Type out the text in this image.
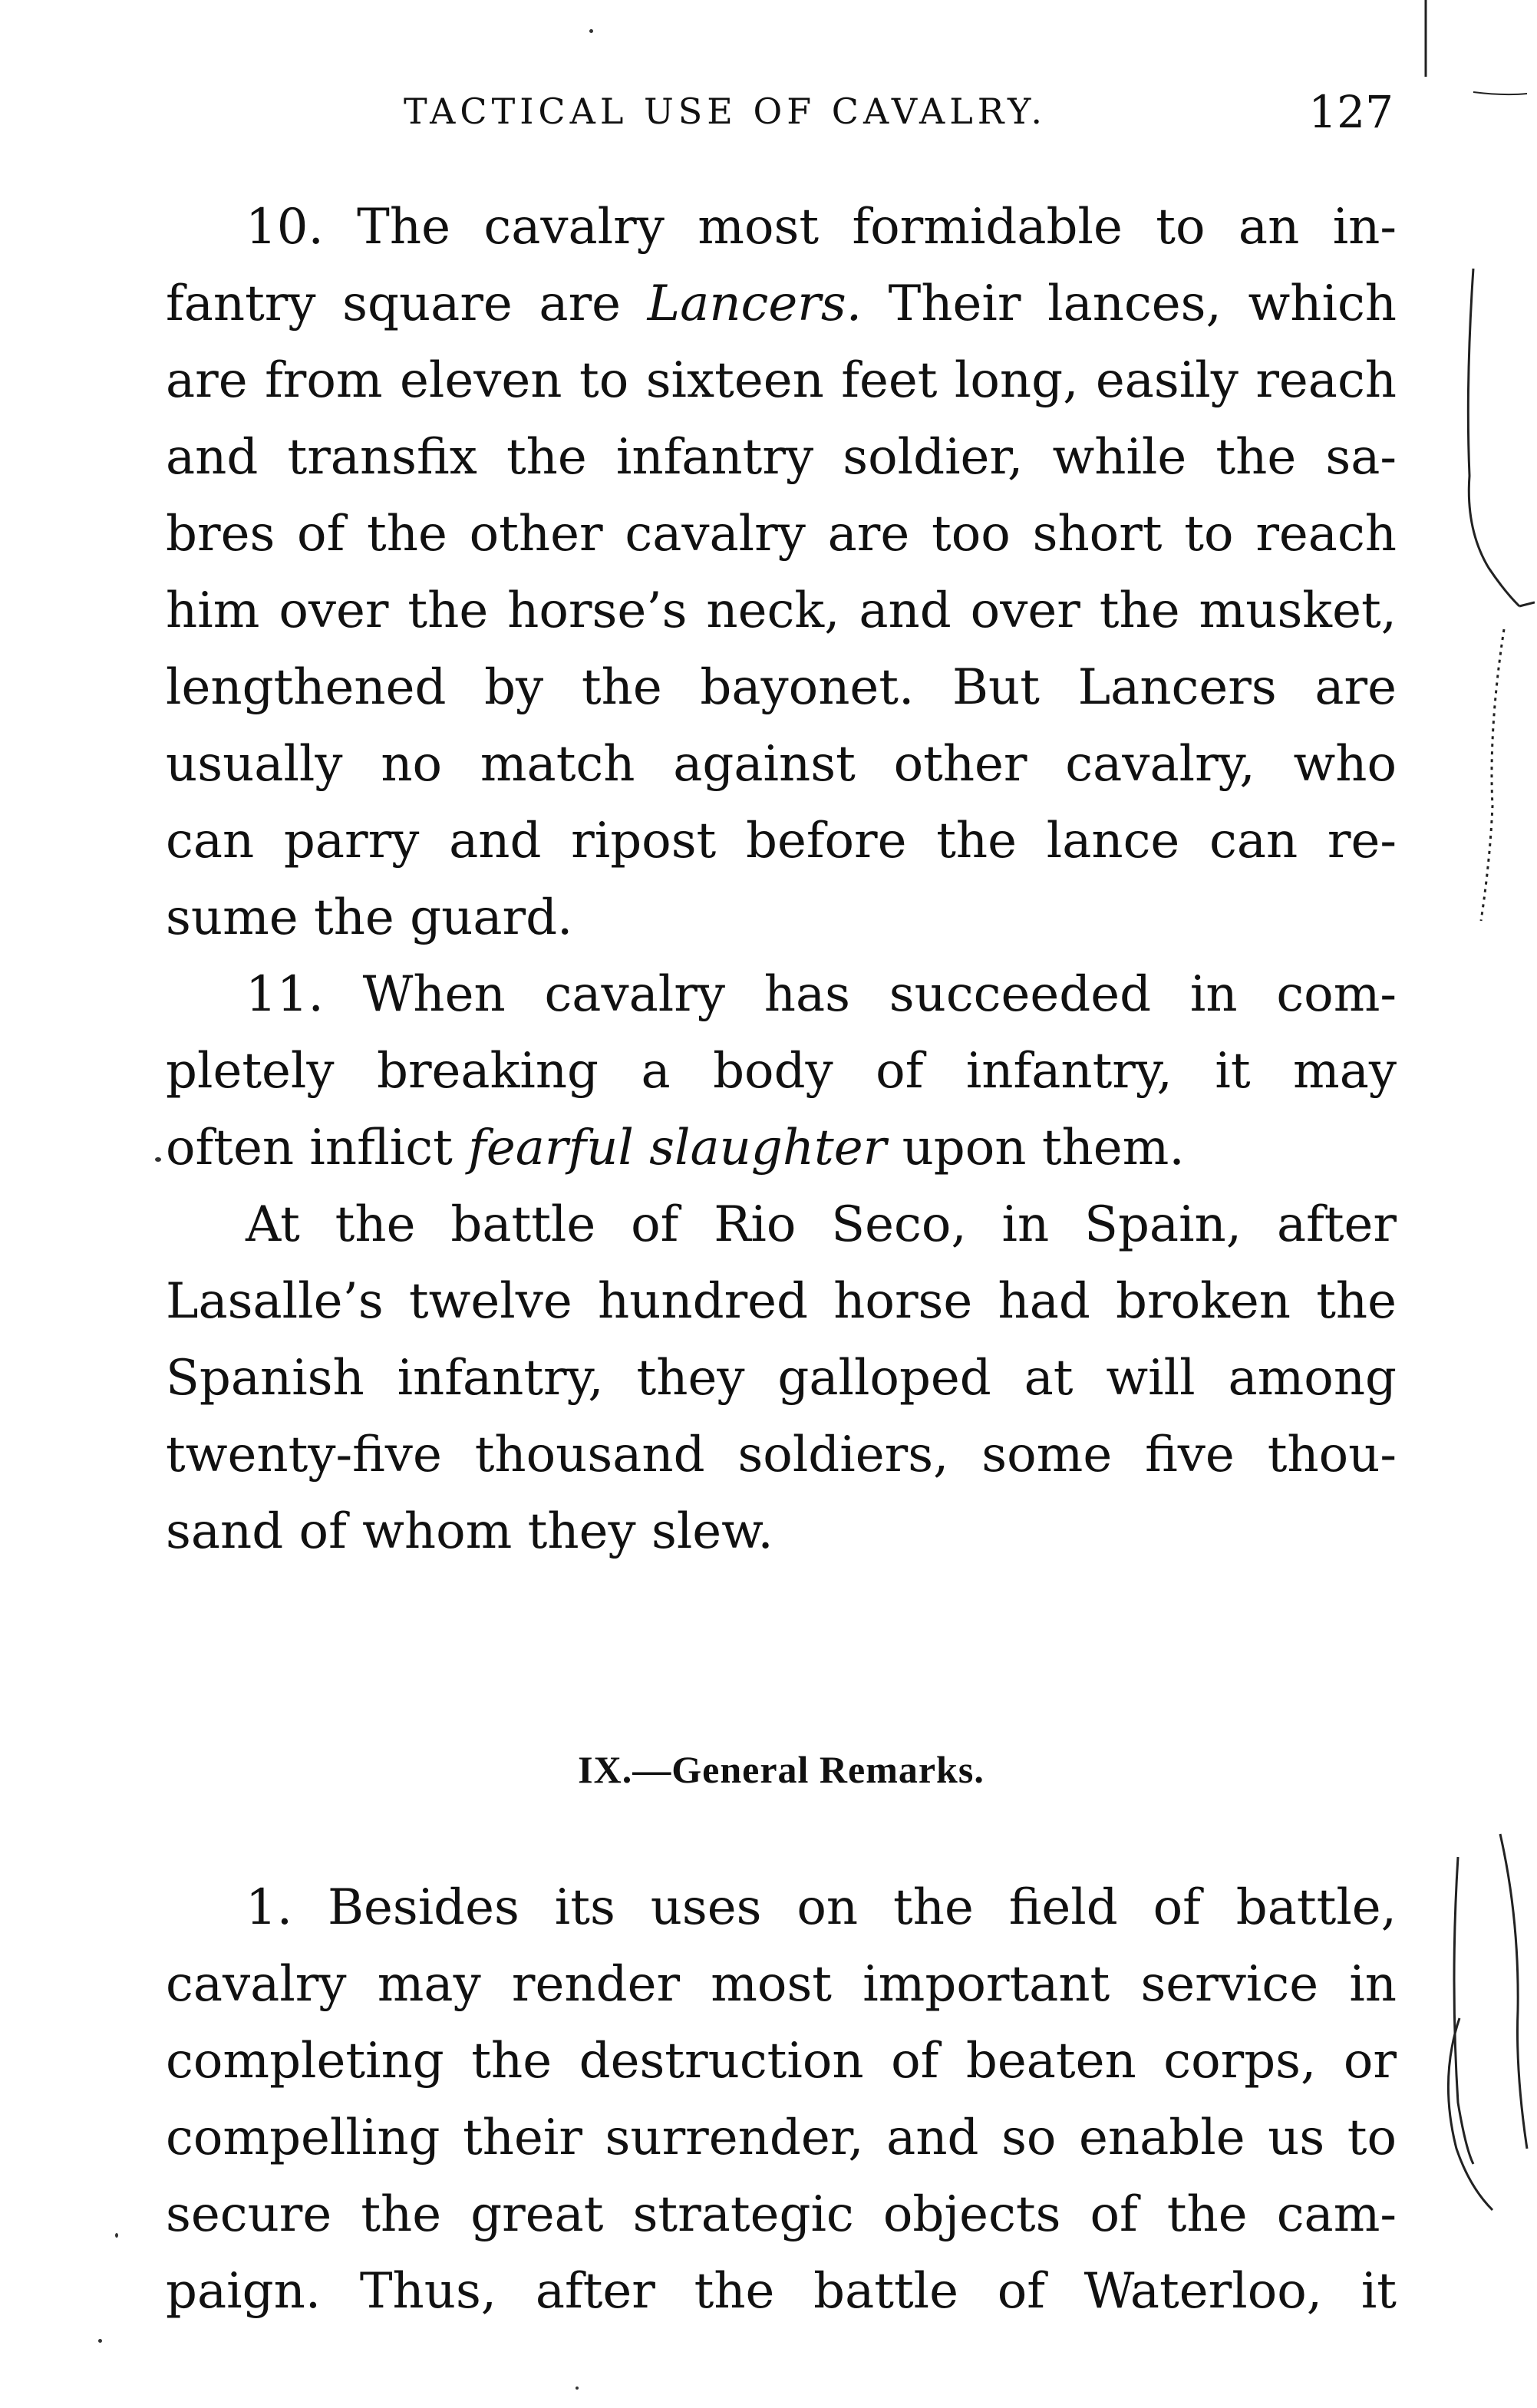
TACTICAL USE OF CAVALRY.	127
10. The cavalry most formidable to an in-
fantry square are Lancers. Their lances, which
are from eleven to sixteen feet long, easily reach
and transfix the infantry soldier, while the sa-
bres of the other cavalry are too short to reach
him over the horse’s neck, and over the musket,
lengthened by the bayonet. But Lancers are
usually no match against other cavalry, who
can parry and ripost before the lance can re-
sume the guard.
11. When cavalry has succeeded in com-
pletely breaking a body of infantry, it may
often inflict fearful slaughter upon them.
At the battle of Rio Seco, in Spain, after
Lasalle’s twelve hundred horse had broken the
Spanish infantry, they galloped at will among
twenty-five thousand soldiers, some five thou-
sand of whom they slew.
IX.—General Remarks.
1. Besides its uses on the field of battle,
cavalry may render most important service in
completing the destruction of beaten corps, or
compelling their surrender, and so enable us to
secure the great strategic objects of the cam-
paign. Thus, after the battle of Waterloo, it
